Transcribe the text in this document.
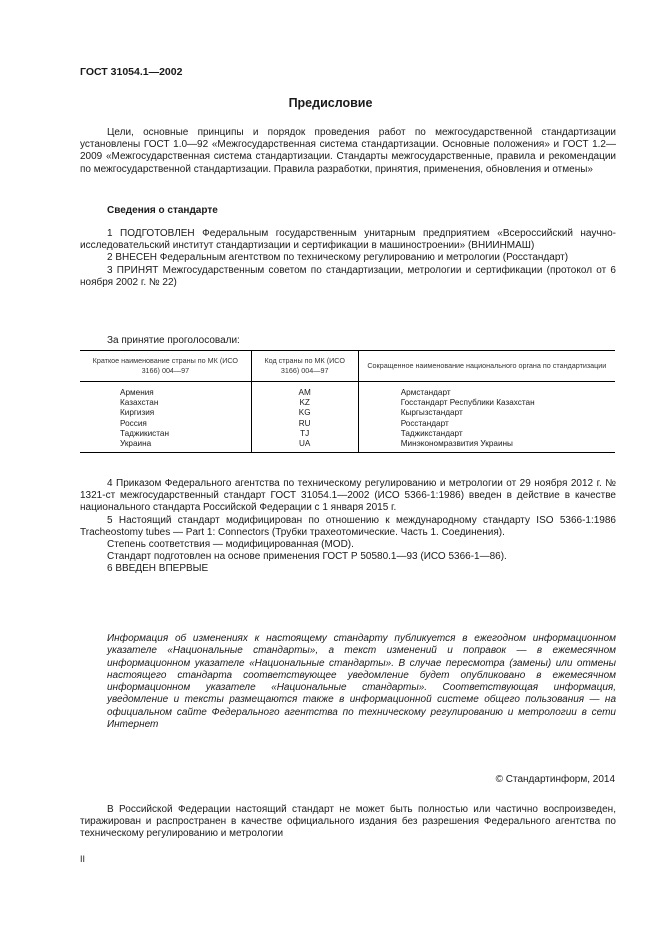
ГОСТ 31054.1—2002
Предисловие

Цели, основные принципы и порядок проведения работ по межгосударственной стандартизации установлены ГОСТ 1.0—92 «Межгосударственная система стандартизации. Основные положения» и ГОСТ 1.2—2009 «Межгосударственная система стандартизации. Стандарты межгосударственные, правила и рекомендации по межгосударственной стандартизации. Правила разработки, принятия, применения, обновления и отмены»

Сведения о стандарте

1 ПОДГОТОВЛЕН Федеральным государственным унитарным предприятием «Всероссийский научно-исследовательский институт стандартизации и сертификации в машиностроении» (ВНИИНМАШ)

2 ВНЕСЕН Федеральным агентством по техническому регулированию и метрологии (Росстандарт)

3 ПРИНЯТ Межгосударственным советом по стандартизации, метрологии и сертификации (протокол от 6 ноября 2002 г. № 22)

За принятие проголосовали:
Краткое наименование страны по МК (ИСО 3166) 004—97	Код страны по МК (ИСО 3166) 004—97	Сокращенное наименование национального органа по стандартизации
Армения	AM	Армстандарт
Казахстан	KZ	Госстандарт Республики Казахстан
Киргизия	KG	Кыргызстандарт
Россия	RU	Росстандарт
Таджикистан	TJ	Таджикстандарт
Украина	UA	Минэкономразвития Украины

4 Приказом Федерального агентства по техническому регулированию и метрологии от 29 ноября 2012 г. № 1321-ст межгосударственный стандарт ГОСТ 31054.1—2002 (ИСО 5366-1:1986) введен в действие в качестве национального стандарта Российской Федерации с 1 января 2015 г.

5 Настоящий стандарт модифицирован по отношению к международному стандарту ISO 5366-1:1986 Tracheostomy tubes — Part 1: Connectors (Трубки трахеотомические. Часть 1. Соединения).

Степень соответствия — модифицированная (MOD).

Стандарт подготовлен на основе применения ГОСТ Р 50580.1—93 (ИСО 5366-1—86).

6 ВВЕДЕН ВПЕРВЫЕ

Информация об изменениях к настоящему стандарту публикуется в ежегодном информационном указателе «Национальные стандарты», а текст изменений и поправок — в ежемесячном информационном указателе «Национальные стандарты». В случае пересмотра (замены) или отмены настоящего стандарта соответствующее уведомление будет опубликовано в ежемесячном информационном указателе «Национальные стандарты». Соответствующая информация, уведомление и тексты размещаются также в информационной системе общего пользования — на официальном сайте Федерального агентства по техническому регулированию и метрологии в сети Интернет

© Стандартинформ, 2014

В Российской Федерации настоящий стандарт не может быть полностью или частично воспроизведен, тиражирован и распространен в качестве официального издания без разрешения Федерального агентства по техническому регулированию и метрологии

II
